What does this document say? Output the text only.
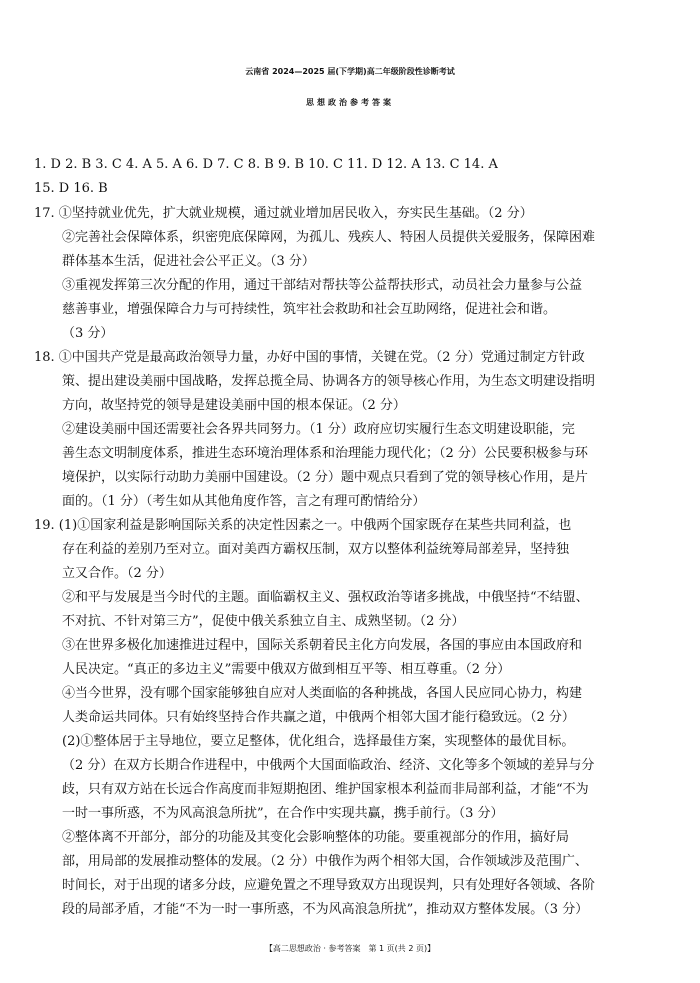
云南省 2024—2025 届(下学期)高二年级阶段性诊断考试
思想政治参考答案
1. D 2. B 3. C 4. A 5. A 6. D 7. C 8. B 9. B 10. C 11. D 12. A 13. C 14. A
15. D 16. B
17. ①坚持就业优先，扩大就业规模，通过就业增加居民收入，夯实民生基础。（2 分）
②完善社会保障体系，织密兜底保障网，为孤儿、残疾人、特困人员提供关爱服务，保障困难
群体基本生活，促进社会公平正义。（3 分）
③重视发挥第三次分配的作用，通过干部结对帮扶等公益帮扶形式，动员社会力量参与公益
慈善事业，增强保障合力与可持续性，筑牢社会救助和社会互助网络，促进社会和谐。
（3 分）
18. ①中国共产党是最高政治领导力量，办好中国的事情，关键在党。（2 分）党通过制定方针政
策、提出建设美丽中国战略，发挥总揽全局、协调各方的领导核心作用，为生态文明建设指明
方向，故坚持党的领导是建设美丽中国的根本保证。（2 分）
②建设美丽中国还需要社会各界共同努力。（1 分）政府应切实履行生态文明建设职能，完
善生态文明制度体系，推进生态环境治理体系和治理能力现代化；（2 分）公民要积极参与环
境保护，以实际行动助力美丽中国建设。（2 分）题中观点只看到了党的领导核心作用，是片
面的。（1 分）（考生如从其他角度作答，言之有理可酌情给分）
19. (1)①国家利益是影响国际关系的决定性因素之一。中俄两个国家既存在某些共同利益，也
存在利益的差别乃至对立。面对美西方霸权压制，双方以整体利益统筹局部差异，坚持独
立又合作。（2 分）
②和平与发展是当今时代的主题。面临霸权主义、强权政治等诸多挑战，中俄坚持“不结盟、
不对抗、不针对第三方”，促使中俄关系独立自主、成熟坚韧。（2 分）
③在世界多极化加速推进过程中，国际关系朝着民主化方向发展，各国的事应由本国政府和
人民决定。“真正的多边主义”需要中俄双方做到相互平等、相互尊重。（2 分）
④当今世界，没有哪个国家能够独自应对人类面临的各种挑战，各国人民应同心协力，构建
人类命运共同体。只有始终坚持合作共赢之道，中俄两个相邻大国才能行稳致远。（2 分）
(2)①整体居于主导地位，要立足整体，优化组合，选择最佳方案，实现整体的最优目标。
（2 分）在双方长期合作进程中，中俄两个大国面临政治、经济、文化等多个领域的差异与分
歧，只有双方站在长远合作高度而非短期抱团、维护国家根本利益而非局部利益，才能“不为
一时一事所惑，不为风高浪急所扰”，在合作中实现共赢，携手前行。（3 分）
②整体离不开部分，部分的功能及其变化会影响整体的功能。要重视部分的作用，搞好局
部，用局部的发展推动整体的发展。（2 分）中俄作为两个相邻大国，合作领域涉及范围广、
时间长，对于出现的诸多分歧，应避免置之不理导致双方出现误判，只有处理好各领域、各阶
段的局部矛盾，才能“不为一时一事所惑，不为风高浪急所扰”，推动双方整体发展。（3 分）
【高二思想政治 · 参考答案　第 1 页(共 2 页)】
